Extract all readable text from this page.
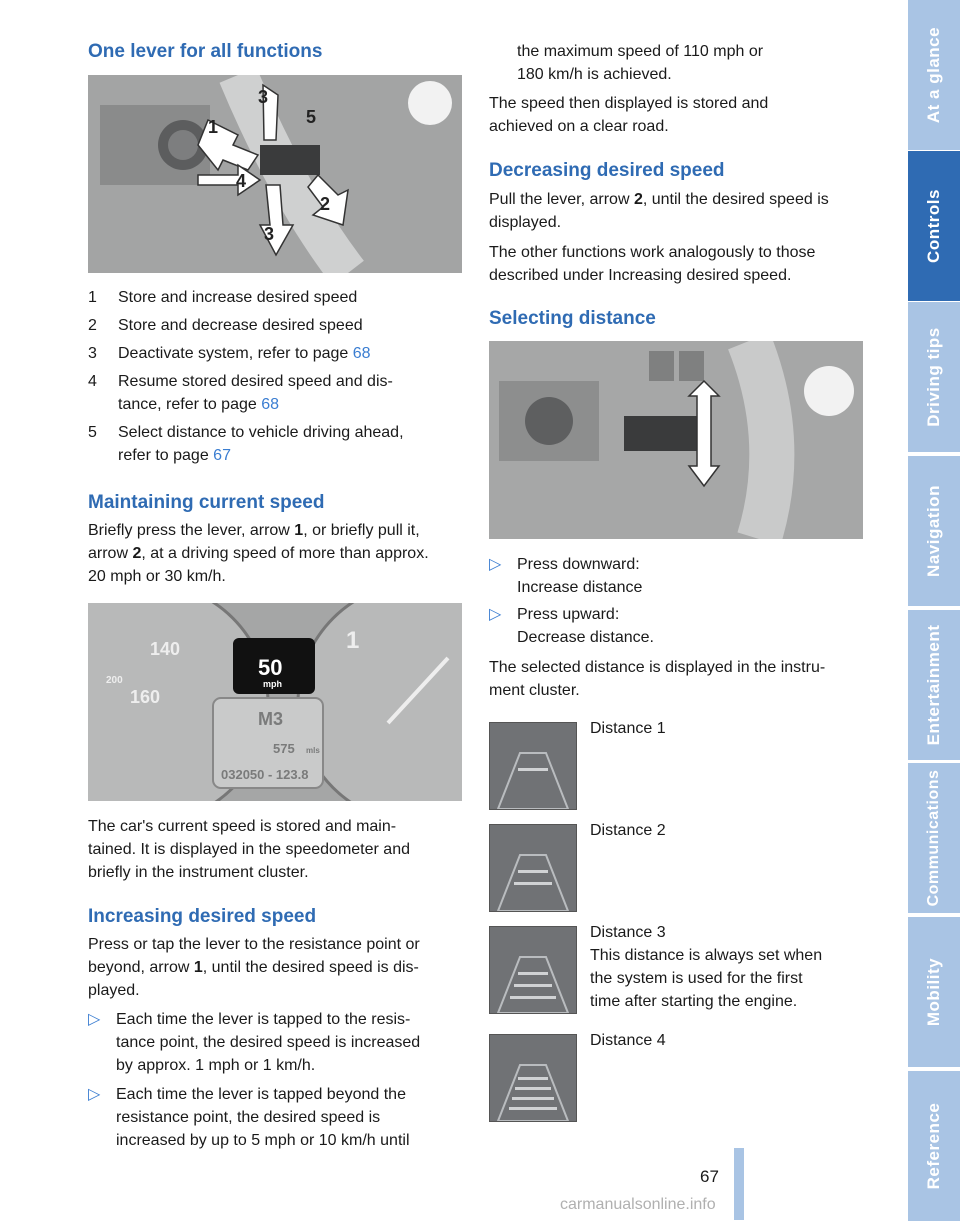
At a glance
Controls
Driving tips
Navigation
Entertainment
Communications
Mobility
Reference
One lever for all functions
1
2
3
4
5
3
1	Store and increase desired speed
2	Store and decrease desired speed
3	Deactivate system, refer to page 68
4	Resume stored desired speed and dis-
tance, refer to page 68
5	Select distance to vehicle driving ahead,
refer to page 67
Maintaining current speed

Briefly press the lever, arrow 1, or briefly pull it,
arrow 2, at a driving speed of more than approx.
20 mph or 30 km/h.

140
160
200
1
50
mph
M3
575 mls
032050 - 123.8

The car's current speed is stored and main-
tained. It is displayed in the speedometer and
briefly in the instrument cluster.

Increasing desired speed

Press or tap the lever to the resistance point or
beyond, arrow 1, until the desired speed is dis-
played.

▷ Each time the lever is tapped to the resis-
tance point, the desired speed is increased
by approx. 1 mph or 1 km/h.
▷ Each time the lever is tapped beyond the
resistance point, the desired speed is
increased by up to 5 mph or 10 km/h until

the maximum speed of 110 mph or
180 km/h is achieved.

The speed then displayed is stored and
achieved on a clear road.

Decreasing desired speed

Pull the lever, arrow 2, until the desired speed is
displayed.

The other functions work analogously to those
described under Increasing desired speed.

Selecting distance
▷ Press downward:
Increase distance
▷ Press upward:
Decrease distance.

The selected distance is displayed in the instru-
ment cluster.

Distance 1

Distance 2

Distance 3

This distance is always set when
the system is used for the first
time after starting the engine.

Distance 4

67
carmanualsonline.info
